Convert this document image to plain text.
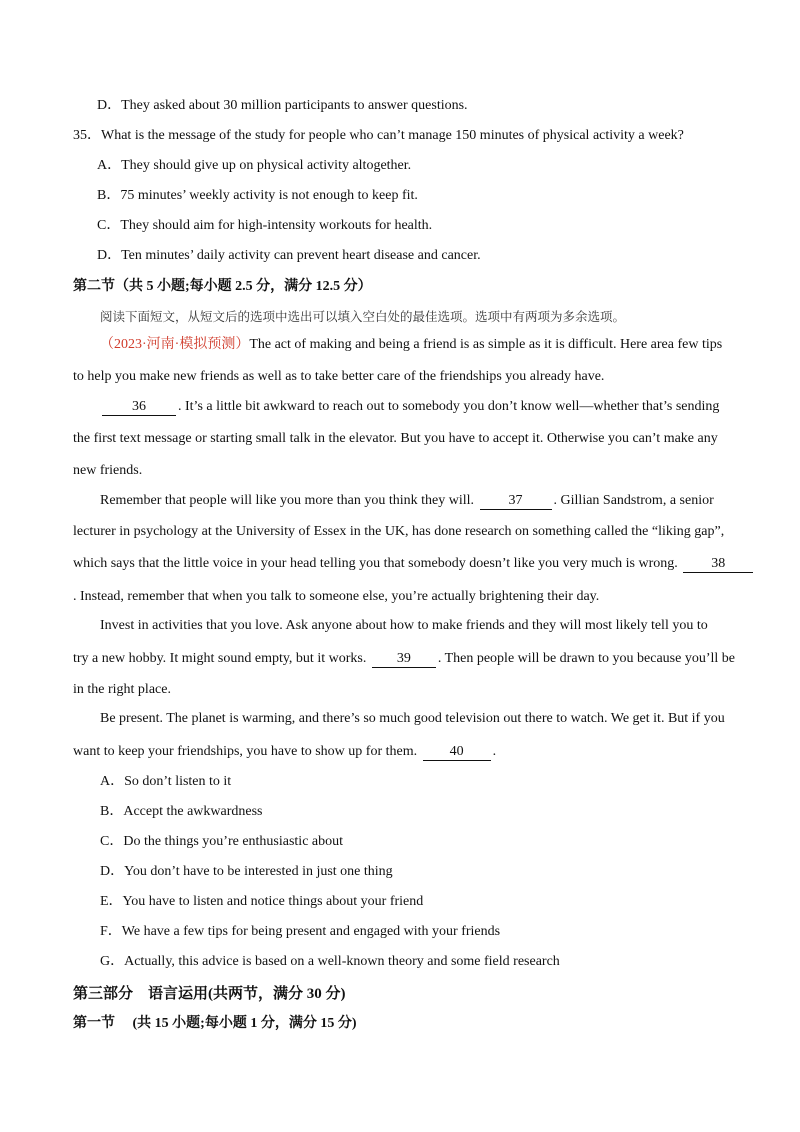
D．They asked about 30 million participants to answer questions.
35．What is the message of the study for people who can’t manage 150 minutes of physical activity a week?
A．They should give up on physical activity altogether.
B．75 minutes’ weekly activity is not enough to keep fit.
C．They should aim for high-intensity workouts for health.
D．Ten minutes’ daily activity can prevent heart disease and cancer.
第二节（共 5 小题;每小题 2.5 分，满分 12.5 分）
阅读下面短文，从短文后的选项中选出可以填入空白处的最佳选项。选项中有两项为多余选项。
（2023·河南·模拟预测）The act of making and being a friend is as simple as it is difficult. Here area few tips
to help you make new friends as well as to take better care of the friendships you already have.
36 . It’s a little bit awkward to reach out to somebody you don’t know well—whether that’s sending
the first text message or starting small talk in the elevator. But you have to accept it. Otherwise you can’t make any
new friends.
Remember that people will like you more than you think they will. 37 . Gillian Sandstrom, a senior
lecturer in psychology at the University of Essex in the UK, has done research on something called the “liking gap”,
which says that the little voice in your head telling you that somebody doesn’t like you very much is wrong. 38
. Instead, remember that when you talk to someone else, you’re actually brightening their day.
Invest in activities that you love. Ask anyone about how to make friends and they will most likely tell you to
try a new hobby. It might sound empty, but it works. 39 . Then people will be drawn to you because you’ll be
in the right place.
Be present. The planet is warming, and there’s so much good television out there to watch. We get it. But if you
want to keep your friendships, you have to show up for them. 40 .
A．So don’t listen to it
B．Accept the awkwardness
C．Do the things you’re enthusiastic about
D．You don’t have to be interested in just one thing
E．You have to listen and notice things about your friend
F．We have a few tips for being present and engaged with your friends
G．Actually, this advice is based on a well-known theory and some field research
第三部分　语言运用(共两节，满分 30 分)
第一节　 (共 15 小题;每小题 1 分，满分 15 分)
